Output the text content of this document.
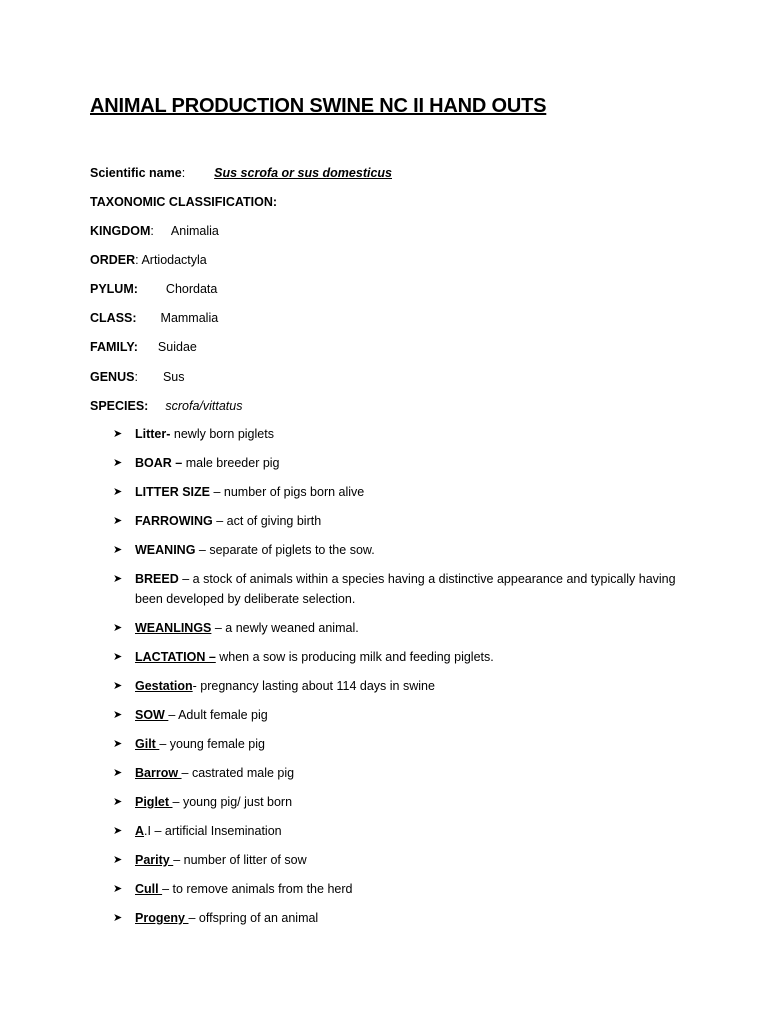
ANIMAL PRODUCTION SWINE NC II HAND OUTS
Scientific name: Sus scrofa or sus domesticus
TAXONOMIC CLASSIFICATION:
KINGDOM: Animalia
ORDER: Artiodactyla
PYLUM: Chordata
CLASS: Mammalia
FAMILY: Suidae
GENUS: Sus
SPECIES: scrofa/vittatus
➤	Litter- newly born piglets
➤	BOAR – male breeder pig
➤	LITTER SIZE – number of pigs born alive
➤	FARROWING – act of giving birth
➤	WEANING – separate of piglets to the sow.
➤	BREED – a stock of animals within a species having a distinctive appearance and typically having been developed by deliberate selection.
➤	WEANLINGS – a newly weaned animal.
➤	LACTATION – when a sow is producing milk and feeding piglets.
➤	Gestation- pregnancy lasting about 114 days in swine
➤	SOW – Adult female pig
➤	Gilt – young female pig
➤	Barrow – castrated male pig
➤	Piglet – young pig/ just born
➤	A.I – artificial Insemination
➤	Parity – number of litter of sow
➤	Cull – to remove animals from the herd
➤	Progeny – offspring of an animal
